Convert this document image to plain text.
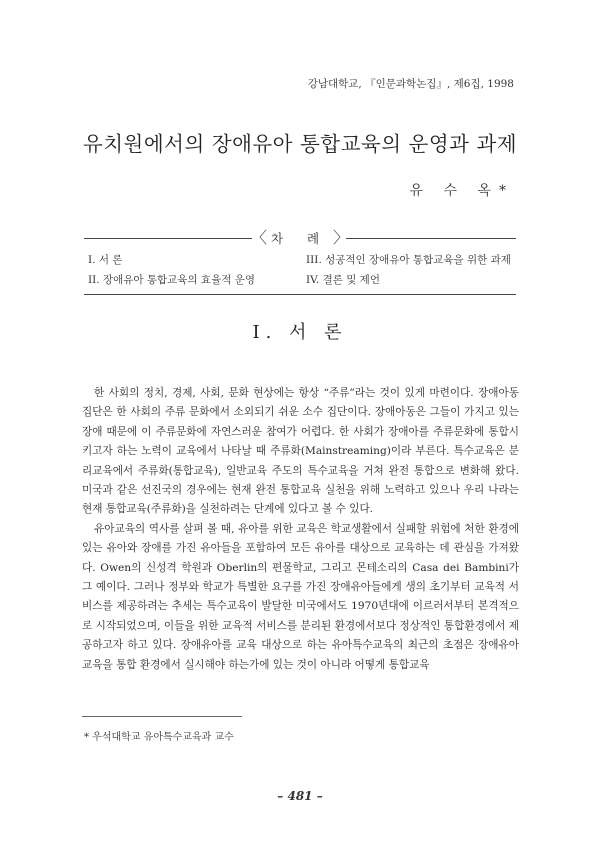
강남대학교, 『인문과학논집』, 제6집, 1998
유치원에서의 장애유아 통합교육의 운영과 과제
유 수 옥*
〈	〉
차 례
I. 서 론
II. 장애유아 통합교육의 효율적 운영
III. 성공적인 장애유아 통합교육을 위한 과제
IV. 결론 및 제언
I. 서 론

한 사회의 정치, 경제, 사회, 문화 현상에는 항상 “주류”라는 것이 있게 마련이다. 장애아동 집단은 한 사회의 주류 문화에서 소외되기 쉬운 소수 집단이다. 장애아동은 그들이 가지고 있는 장애 때문에 이 주류문화에 자연스러운 참여가 어렵다. 한 사회가 장애아를 주류문화에 통합시키고자 하는 노력이 교육에서 나타날 때 주류화(Mainstreaming)이라 부른다. 특수교육은 분리교육에서 주류화(통합교육), 일반교육 주도의 특수교육을 거쳐 완전 통합으로 변화해 왔다. 미국과 같은 선진국의 경우에는 현재 완전 통합교육 실천을 위해 노력하고 있으나 우리 나라는 현재 통합교육(주류화)을 실천하려는 단계에 있다고 볼 수 있다.

유아교육의 역사를 살펴 볼 때, 유아를 위한 교육은 학교생활에서 실패할 위험에 처한 환경에 있는 유아와 장애를 가진 유아들을 포함하여 모든 유아를 대상으로 교육하는 데 관심을 가져왔다. Owen의 신성격 학원과 Oberlin의 편물학교, 그리고 몬테소리의 Casa dei Bambini가 그 예이다. 그러나 정부와 학교가 특별한 요구를 가진 장애유아들에게 생의 초기부터 교육적 서비스를 제공하려는 추세는 특수교육이 발달한 미국에서도 1970년대에 이르러서부터 본격적으로 시작되었으며, 이들을 위한 교육적 서비스를 분리된 환경에서보다 정상적인 통합환경에서 제공하고자 하고 있다. 장애유아를 교육 대상으로 하는 유아특수교육의 최근의 초점은 장애유아 교육을 통합 환경에서 실시해야 하는가에 있는 것이 아니라 어떻게 통합교육

* 우석대학교 유아특수교육과 교수
– 481 –
